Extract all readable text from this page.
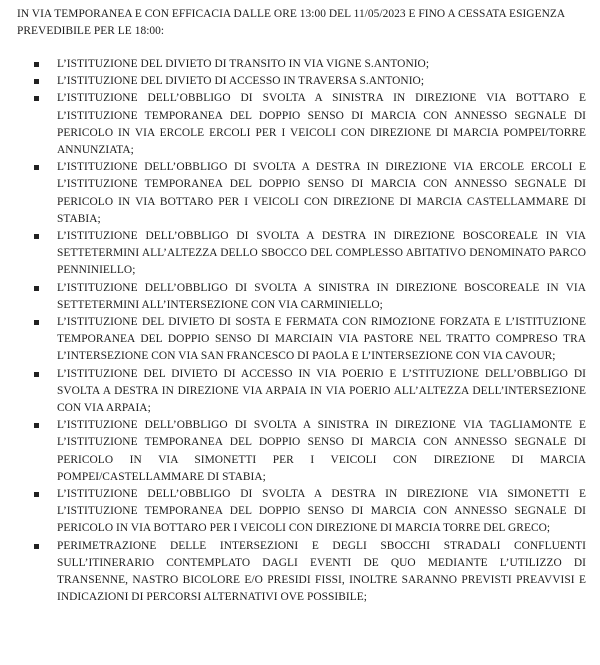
IN VIA TEMPORANEA E CON EFFICACIA DALLE ORE 13:00 DEL 11/05/2023 E FINO A CESSATA ESIGENZA PREVEDIBILE PER LE 18:00:

L’ISTITUZIONE DEL DIVIETO DI TRANSITO IN VIA VIGNE S.ANTONIO;
L’ISTITUZIONE DEL DIVIETO DI ACCESSO IN TRAVERSA S.ANTONIO;
L’ISTITUZIONE DELL’OBBLIGO DI SVOLTA A SINISTRA IN DIREZIONE VIA BOTTARO E L’ISTITUZIONE TEMPORANEA DEL DOPPIO SENSO DI MARCIA CON ANNESSO SEGNALE DI PERICOLO IN VIA ERCOLE ERCOLI PER I VEICOLI CON DIREZIONE DI MARCIA POMPEI/TORRE ANNUNZIATA;
L’ISTITUZIONE DELL’OBBLIGO DI SVOLTA A DESTRA IN DIREZIONE VIA ERCOLE ERCOLI E L’ISTITUZIONE TEMPORANEA DEL DOPPIO SENSO DI MARCIA CON ANNESSO SEGNALE DI PERICOLO IN VIA BOTTARO PER I VEICOLI CON DIREZIONE DI MARCIA CASTELLAMMARE DI STABIA;
L’ISTITUZIONE DELL’OBBLIGO DI SVOLTA A DESTRA IN DIREZIONE BOSCOREALE IN VIA SETTETERMINI ALL’ALTEZZA DELLO SBOCCO DEL COMPLESSO ABITATIVO DENOMINATO PARCO PENNINIELLO;
L’ISTITUZIONE DELL’OBBLIGO DI SVOLTA A SINISTRA IN DIREZIONE BOSCOREALE IN VIA SETTETERMINI ALL’INTERSEZIONE CON VIA CARMINIELLO;
L’ISTITUZIONE DEL DIVIETO DI SOSTA E FERMATA CON RIMOZIONE FORZATA E L’ISTITUZIONE TEMPORANEA DEL DOPPIO SENSO DI MARCIAIN VIA PASTORE NEL TRATTO COMPRESO TRA L’INTERSEZIONE CON VIA SAN FRANCESCO DI PAOLA E L’INTERSEZIONE CON VIA CAVOUR;
L’ISTITUZIONE DEL DIVIETO DI ACCESSO IN VIA POERIO E L’STITUZIONE DELL’OBBLIGO DI SVOLTA A DESTRA IN DIREZIONE VIA ARPAIA IN VIA POERIO ALL’ALTEZZA DELL’INTERSEZIONE CON VIA ARPAIA;
L’ISTITUZIONE DELL’OBBLIGO DI SVOLTA A SINISTRA IN DIREZIONE VIA TAGLIAMONTE E L’ISTITUZIONE TEMPORANEA DEL DOPPIO SENSO DI MARCIA CON ANNESSO SEGNALE DI PERICOLO IN VIA SIMONETTI PER I VEICOLI CON DIREZIONE DI MARCIA POMPEI/CASTELLAMMARE DI STABIA;
L’ISTITUZIONE DELL’OBBLIGO DI SVOLTA A DESTRA IN DIREZIONE VIA SIMONETTI E L’ISTITUZIONE TEMPORANEA DEL DOPPIO SENSO DI MARCIA CON ANNESSO SEGNALE DI PERICOLO IN VIA BOTTARO PER I VEICOLI CON DIREZIONE DI MARCIA TORRE DEL GRECO;
PERIMETRAZIONE DELLE INTERSEZIONI E DEGLI SBOCCHI STRADALI CONFLUENTI SULL’ITINERARIO CONTEMPLATO DAGLI EVENTI DE QUO MEDIANTE L’UTILIZZO DI TRANSENNE, NASTRO BICOLORE E/O PRESIDI FISSI, INOLTRE SARANNO PREVISTI PREAVVISI E INDICAZIONI DI PERCORSI ALTERNATIVI OVE POSSIBILE;
